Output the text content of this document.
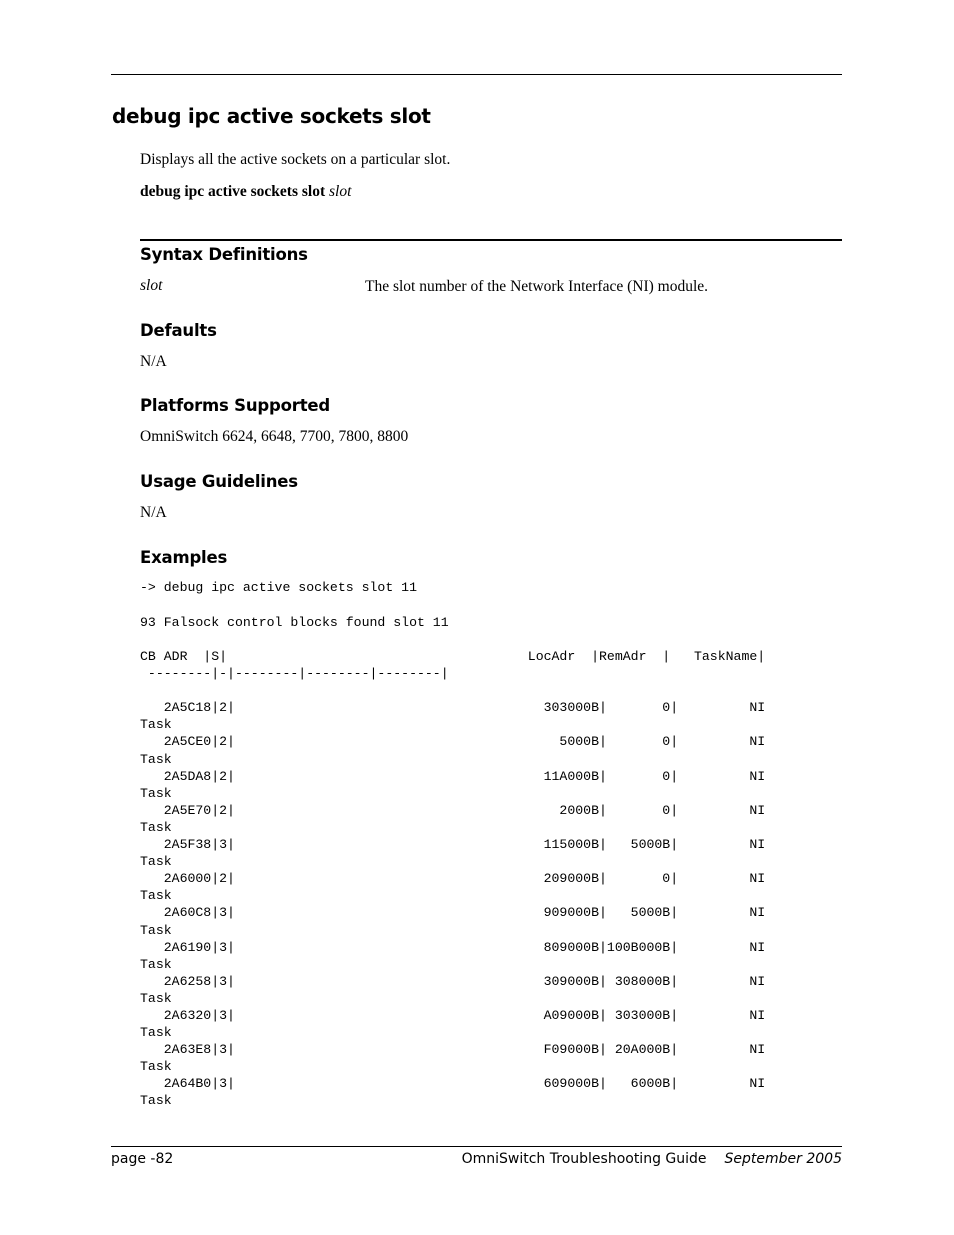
debug ipc active sockets slot

Displays all the active sockets on a particular slot.

debug ipc active sockets slot slot

Syntax Definitions

slot	The slot number of the Network Interface (NI) module.
Defaults

N/A

Platforms Supported

OmniSwitch 6624, 6648, 7700, 7800, 8800

Usage Guidelines

N/A

Examples
-> debug ipc active sockets slot 11
93 Falsock control blocks found slot 11
CB ADR  |S|                                      LocAdr  |RemAdr  |   TaskName|
--------|-|--------|--------|--------|

2A5C18|2|                                       303000B|       0|         NI
Task
2A5CE0|2|                                         5000B|       0|         NI
Task
2A5DA8|2|                                       11A000B|       0|         NI
Task
2A5E70|2|                                         2000B|       0|         NI
Task
2A5F38|3|                                       115000B|   5000B|         NI
Task
2A6000|2|                                       209000B|       0|         NI
Task
2A60C8|3|                                       909000B|   5000B|         NI
Task
2A6190|3|                                       809000B|100B000B|         NI
Task
2A6258|3|                                       309000B| 308000B|         NI
Task
2A6320|3|                                       A09000B| 303000B|         NI
Task
2A63E8|3|                                       F09000B| 20A000B|         NI
Task
2A64B0|3|                                       609000B|   6000B|         NI
Task
page -82	OmniSwitch Troubleshooting Guide September 2005
